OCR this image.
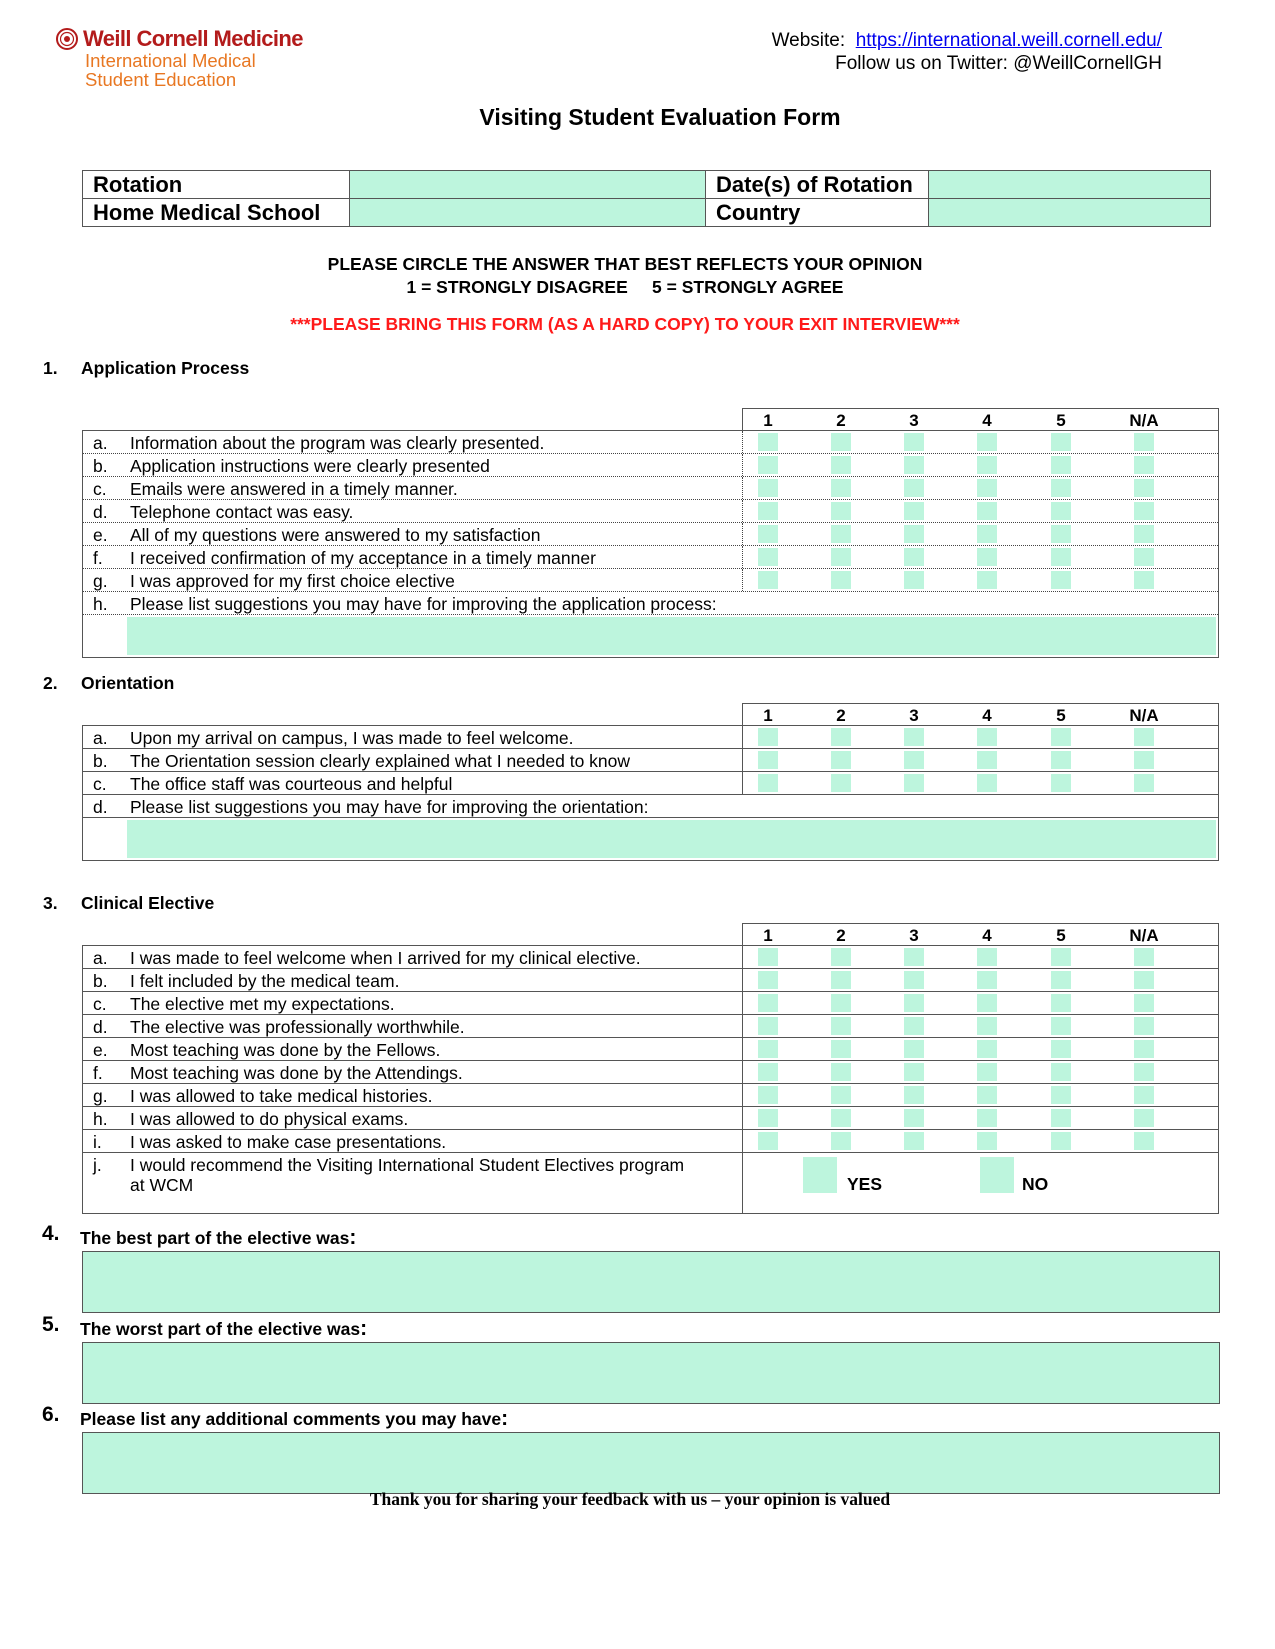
Weill Cornell Medicine
International Medical
Student Education
Website: https://international.weill.cornell.edu/
Follow us on Twitter: @WeillCornellGH
Visiting Student Evaluation Form
Rotation		Date(s) of Rotation	
Home Medical School		Country	
PLEASE CIRCLE THE ANSWER THAT BEST REFLECTS YOUR OPINION
1 = STRONGLY DISAGREE     5 = STRONGLY AGREE
***PLEASE BRING THIS FORM (AS A HARD COPY) TO YOUR EXIT INTERVIEW***
1. Application Process
1	2	3	4	5	N/A
a. Information about the program was clearly presented.
b. Application instructions were clearly presented
c. Emails were answered in a timely manner.
d. Telephone contact was easy.
e. All of my questions were answered to my satisfaction
f. I received confirmation of my acceptance in a timely manner
g. I was approved for my first choice elective
h. Please list suggestions you may have for improving the application process:
2. Orientation
1	2	3	4	5	N/A
a. Upon my arrival on campus, I was made to feel welcome.
b. The Orientation session clearly explained what I needed to know
c. The office staff was courteous and helpful
d. Please list suggestions you may have for improving the orientation:
3. Clinical Elective
1	2	3	4	5	N/A
a. I was made to feel welcome when I arrived for my clinical elective.
b. I felt included by the medical team.
c. The elective met my expectations.
d. The elective was professionally worthwhile.
e. Most teaching was done by the Fellows.
f. Most teaching was done by the Attendings.
g. I was allowed to take medical histories.
h. I was allowed to do physical exams.
i. I was asked to make case presentations.
j. I would recommend the Visiting International Student Electives program
at WCM	YES	NO
4. The best part of the elective was:
5. The worst part of the elective was:
6. Please list any additional comments you may have:
Thank you for sharing your feedback with us – your opinion is valued
